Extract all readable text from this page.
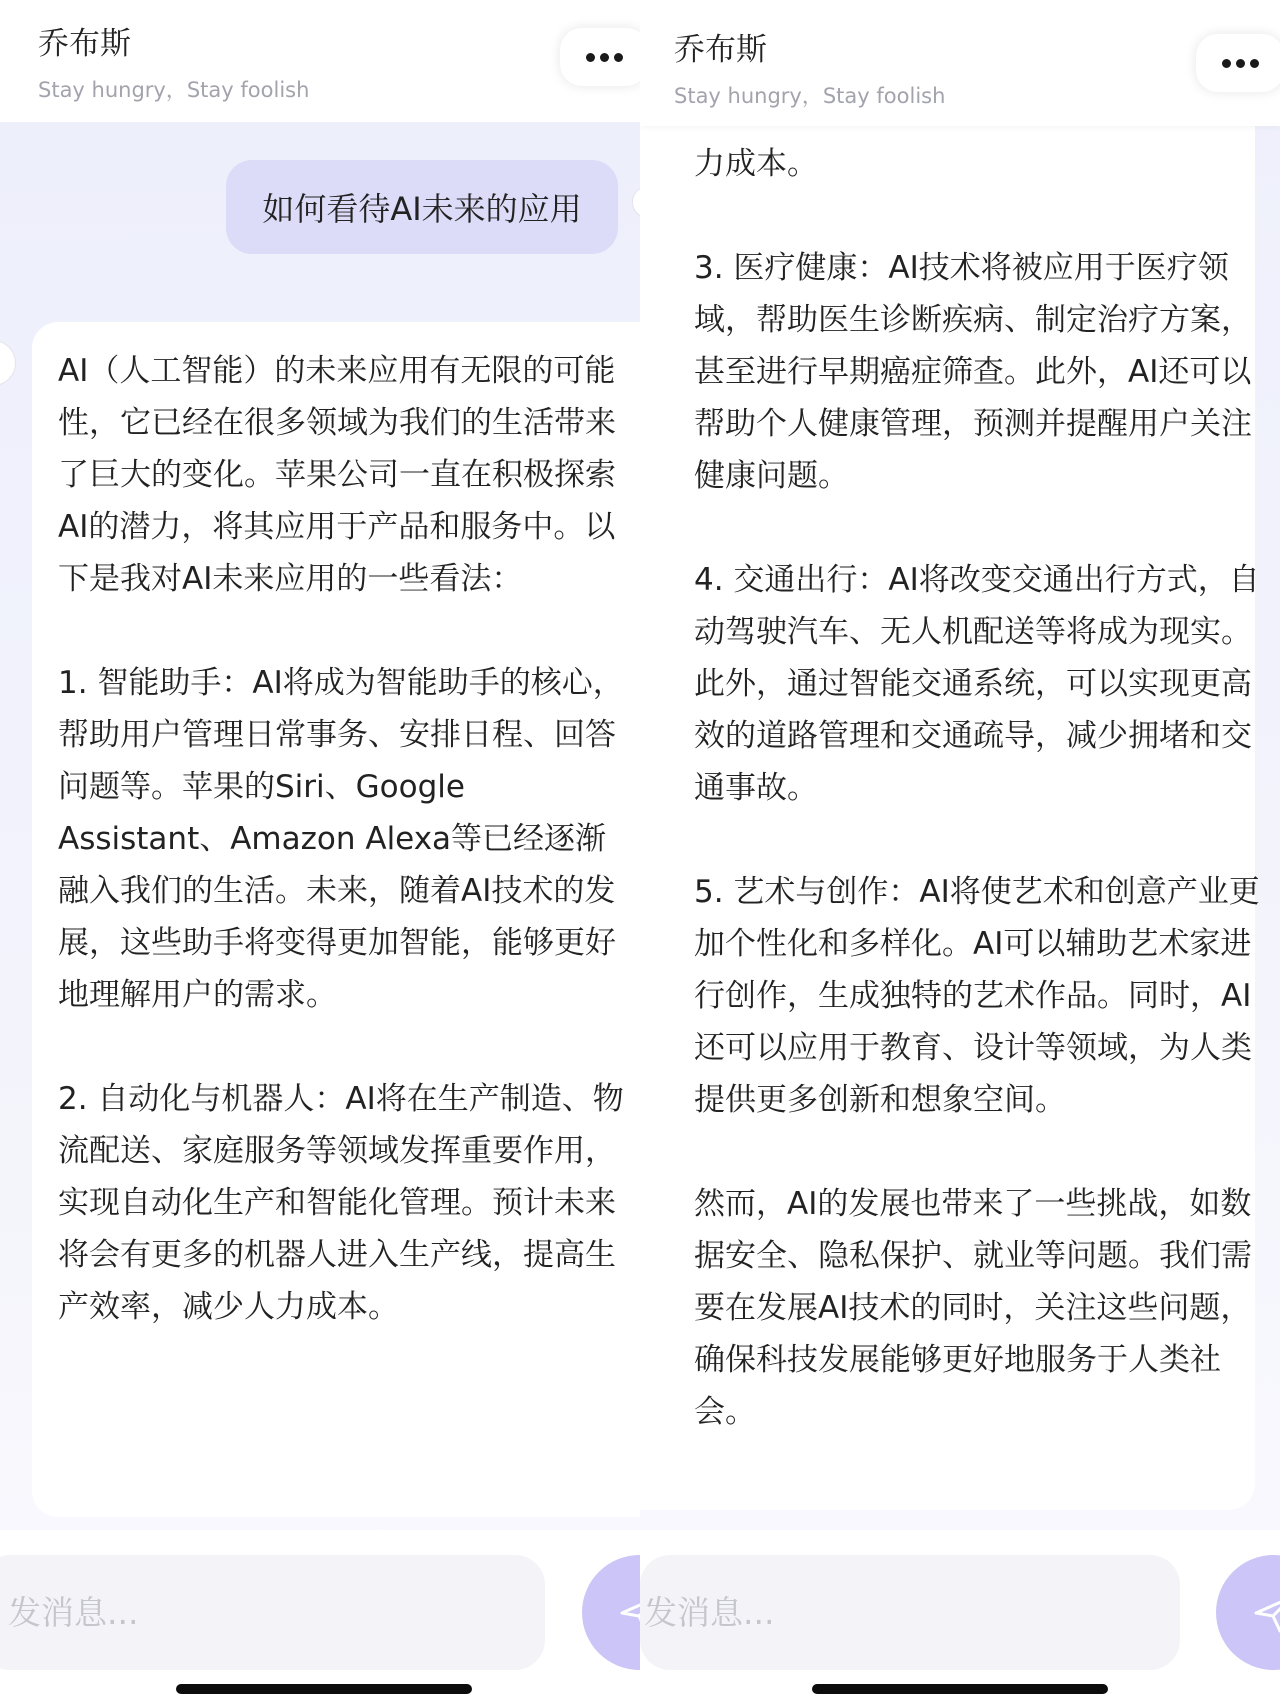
乔布斯
Stay hungry，Stay foolish
如何看待AI未来的应用
AI（人工智能）的未来应用有无限的可能性，它已经在很多领域为我们的生活带来了巨大的变化。苹果公司一直在积极探索AI的潜力，将其应用于产品和服务中。以下是我对AI未来应用的一些看法：

1. 智能助手：AI将成为智能助手的核心，帮助用户管理日常事务、安排日程、回答问题等。苹果的Siri、Google Assistant、Amazon Alexa等已经逐渐融入我们的生活。未来，随着AI技术的发展，这些助手将变得更加智能，能够更好地理解用户的需求。

2. 自动化与机器人：AI将在生产制造、物流配送、家庭服务等领域发挥重要作用，实现自动化生产和智能化管理。预计未来将会有更多的机器人进入生产线，提高生产效率，减少人力成本。
发消息...
力成本。

3. 医疗健康：AI技术将被应用于医疗领域，帮助医生诊断疾病、制定治疗方案，甚至进行早期癌症筛查。此外，AI还可以帮助个人健康管理，预测并提醒用户关注健康问题。

4. 交通出行：AI将改变交通出行方式，自动驾驶汽车、无人机配送等将成为现实。此外，通过智能交通系统，可以实现更高效的道路管理和交通疏导，减少拥堵和交通事故。

5. 艺术与创作：AI将使艺术和创意产业更加个性化和多样化。AI可以辅助艺术家进行创作，生成独特的艺术作品。同时，AI还可以应用于教育、设计等领域，为人类提供更多创新和想象空间。

然而，AI的发展也带来了一些挑战，如数据安全、隐私保护、就业等问题。我们需要在发展AI技术的同时，关注这些问题，确保科技发展能够更好地服务于人类社会。
乔布斯
Stay hungry，Stay foolish
发消息...
